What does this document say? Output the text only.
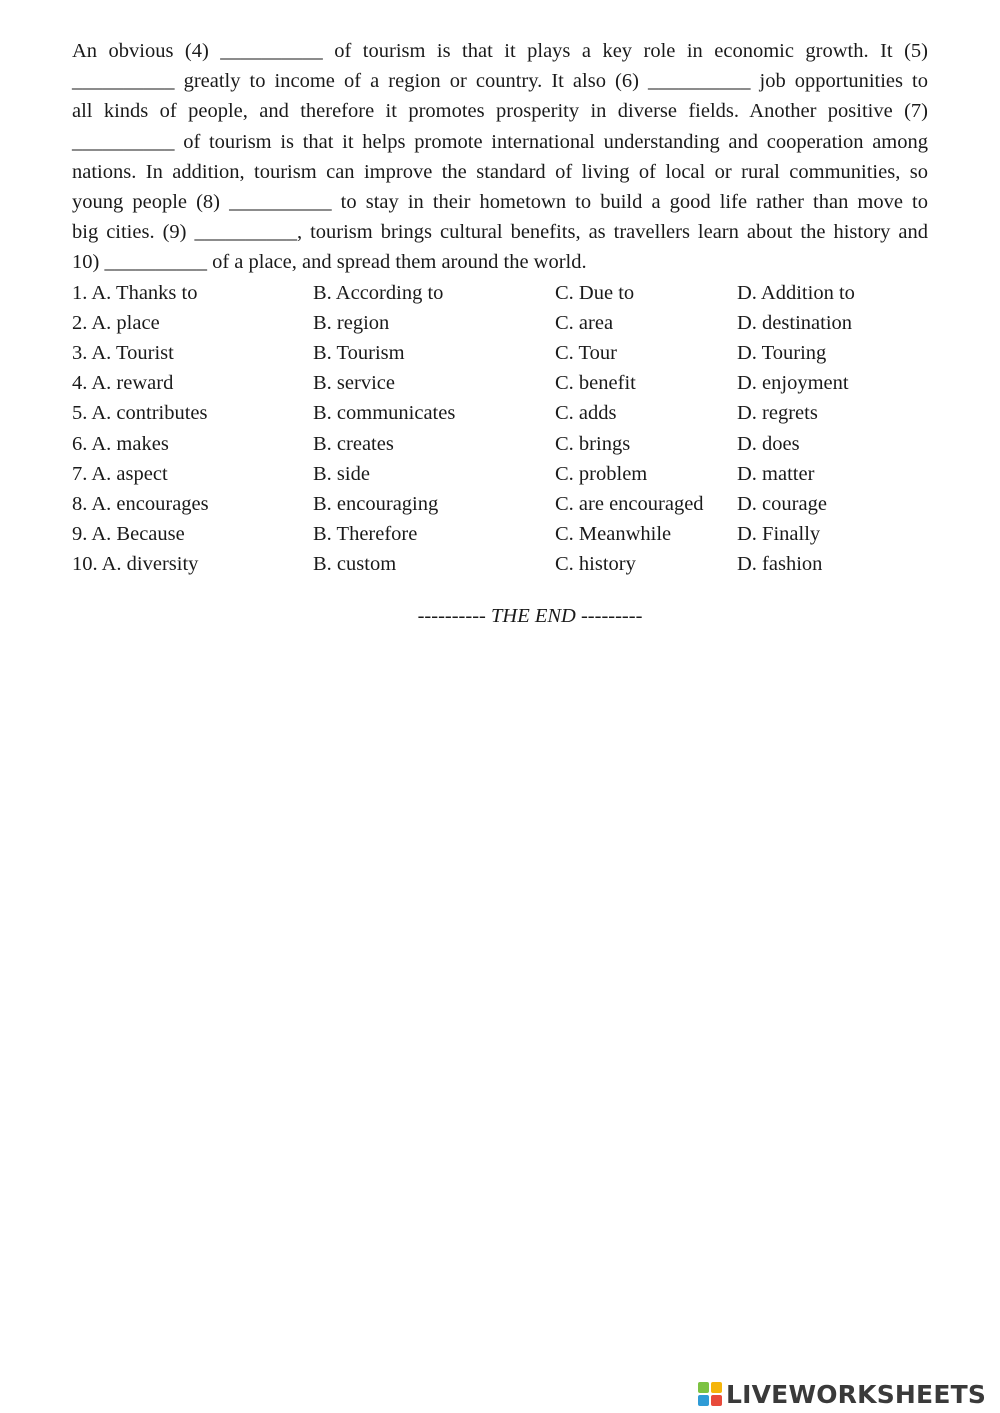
An obvious (4) __________ of tourism is that it plays a key role in economic growth. It (5)
__________ greatly to income of a region or country. It also (6) __________ job opportunities to
all kinds of people, and therefore it promotes prosperity in diverse fields. Another positive (7)
__________ of tourism is that it helps promote international understanding and cooperation among
nations. In addition, tourism can improve the standard of living of local or rural communities, so
young people (8) __________ to stay in their hometown to build a good life rather than move to
big cities. (9) __________, tourism brings cultural benefits, as travellers learn about the history and
10) __________ of a place, and spread them around the world.

1. A. Thanks to	B. According to	C. Due to	D. Addition to
2. A. place	B. region	C. area	D. destination
3. A. Tourist	B. Tourism	C. Tour	D. Touring
4. A. reward	B. service	C. benefit	D. enjoyment
5. A. contributes	B. communicates	C. adds	D. regrets
6. A. makes	B. creates	C. brings	D. does
7. A. aspect	B. side	C. problem	D. matter
8. A. encourages	B. encouraging	C. are encouraged D. courage
9. A. Because	B. Therefore	C. Meanwhile	D. Finally
10. A. diversity	B. custom	C. history	D. fashion
---------- THE END ---------
LIVEWORKSHEETS
